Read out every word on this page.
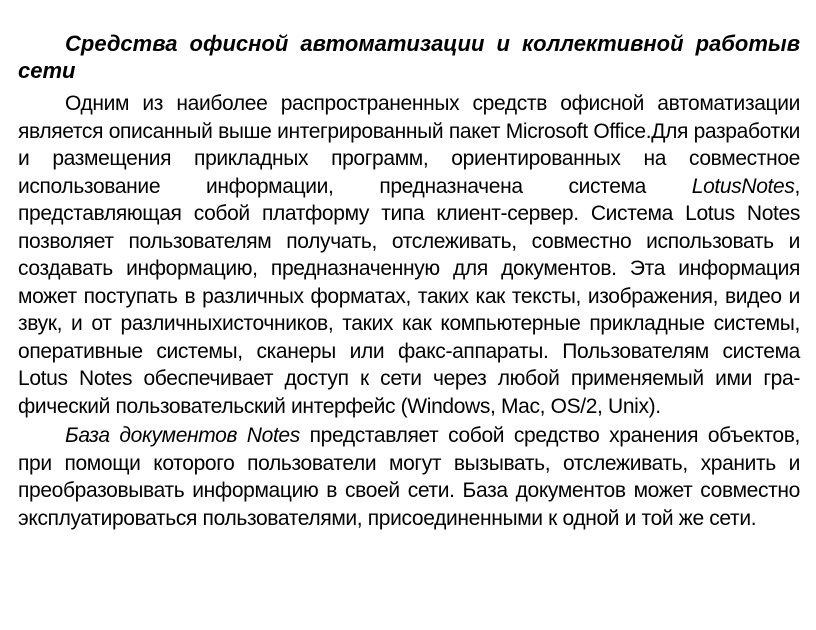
Средства офисной автоматизации и коллективной работыв сети

Одним из наиболее распространенных средств офисной автоматизации является описанный выше интегрированный пакет Microsoft Office.Для разработки и размещения прикладных программ, ориентированных на совместное использование информации, предназначена система LotusNotes, представляющая собой платформу типа клиент-сервер. Система Lotus Notes позволяет пользователям получать, отслеживать, совместно использовать и создавать информацию, предназначенную для документов. Эта информация может поступать в различных форматах, таких как тексты, изображения, видео и звук, и от различныхисточников, таких как компьютерные прикладные системы, оперативные системы, сканеры или факс-аппараты. Пользователям система Lotus Notes обеспечивает доступ к сети через любой применяемый ими гра-фический пользовательский интерфейс (Windows, Mac, OS/2, Unix).

База документов Notes представляет собой средство хранения объектов, при помощи которого пользователи могут вызывать, отслеживать, хранить и преобразовывать информацию в своей сети. База документов может совместно эксплуатироваться пользователями, присоединенными к одной и той же сети.
